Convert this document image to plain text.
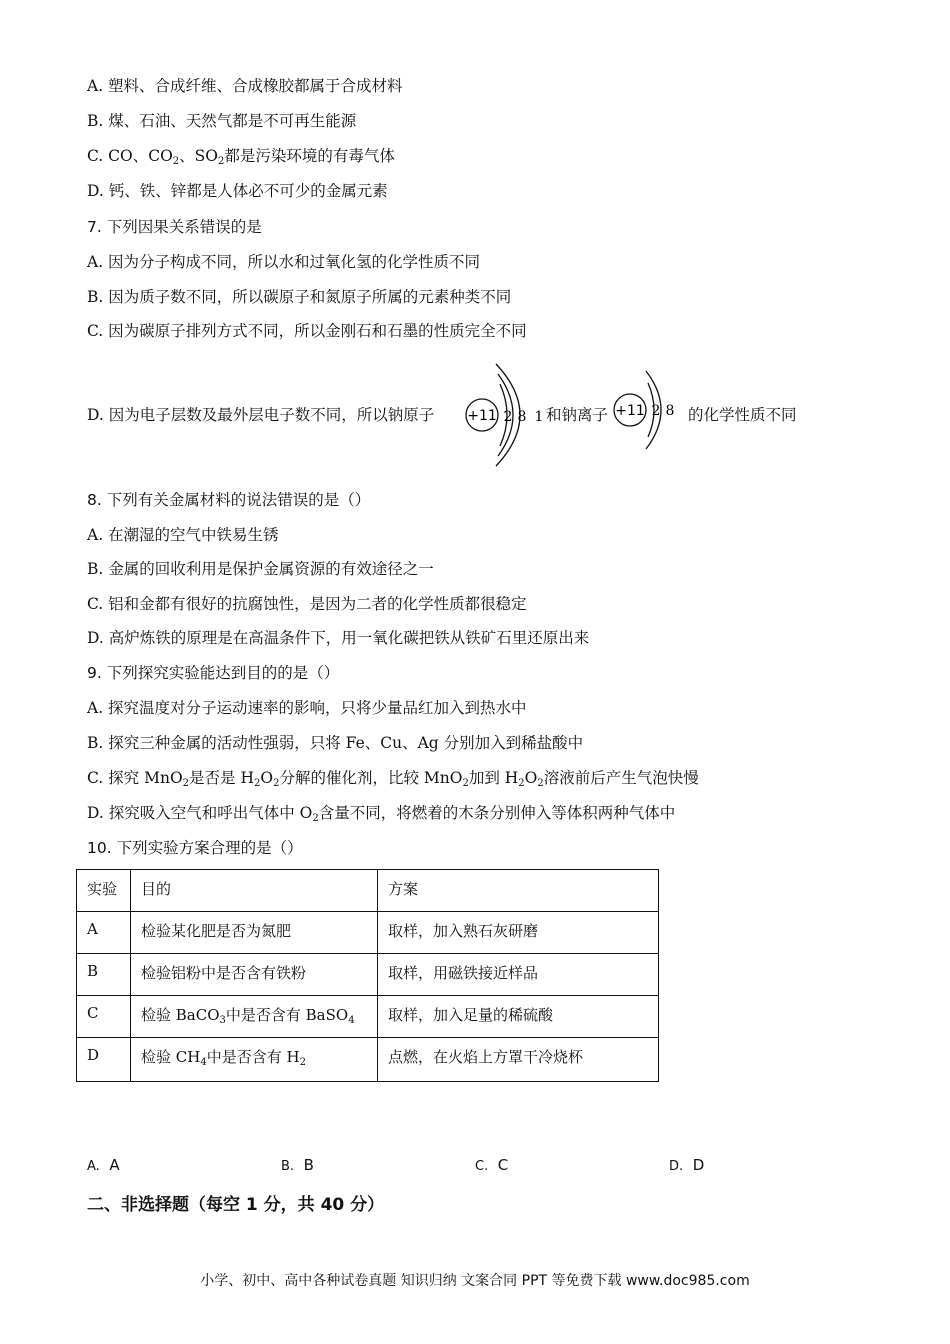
A. 塑料、合成纤维、合成橡胶都属于合成材料
B. 煤、石油、天然气都是不可再生能源
C. CO、$CO_2$、$SO_2$都是污染环境的有毒气体
D. 钙、铁、锌都是人体必不可少的金属元素
7. 下列因果关系错误的是
A. 因为分子构成不同，所以水和过氧化氢的化学性质不同
B. 因为质子数不同，所以碳原子和氮原子所属的元素种类不同
C. 因为碳原子排列方式不同，所以金刚石和石墨的性质完全不同
D. 因为电子层数及最外层电子数不同，所以钠原子 +11 2 8 1 和钠离子 +11 2 8 的化学性质不同
8. 下列有关金属材料的说法错误的是（）
A. 在潮湿的空气中铁易生锈
B. 金属的回收利用是保护金属资源的有效途径之一
C. 铝和金都有很好的抗腐蚀性，是因为二者的化学性质都很稳定
D. 高炉炼铁的原理是在高温条件下，用一氧化碳把铁从铁矿石里还原出来
9. 下列探究实验能达到目的的是（）
A. 探究温度对分子运动速率的影响，只将少量品红加入到热水中
B. 探究三种金属的活动性强弱，只将 Fe、Cu、Ag 分别加入到稀盐酸中
C. 探究 MnO$_2$是否是 $H_2O_2$分解的催化剂，比较 MnO$_2$加到 $H_2O_2$溶液前后产生气泡快慢
D. 探究吸入空气和呼出气体中 $O_2$含量不同，将燃着的木条分别伸入等体积两种气体中
10. 下列实验方案合理的是（）
实验	目的	方案
A	检验某化肥是否为氮肥	取样，加入熟石灰研磨
B	检验铝粉中是否含有铁粉	取样，用磁铁接近样品
C	检验 BaCO$_3$中是否含有 BaSO$_4$	取样，加入足量的稀硫酸
D	检验 $CH_4$中是否含有 $H_2$	点燃，在火焰上方罩干冷烧杯
A. A	B. B	C. C	D. D
二、非选择题（每空 1 分，共 40 分）
小学、初中、高中各种试卷真题 知识归纳 文案合同 PPT 等免费下载 www.doc985.com
